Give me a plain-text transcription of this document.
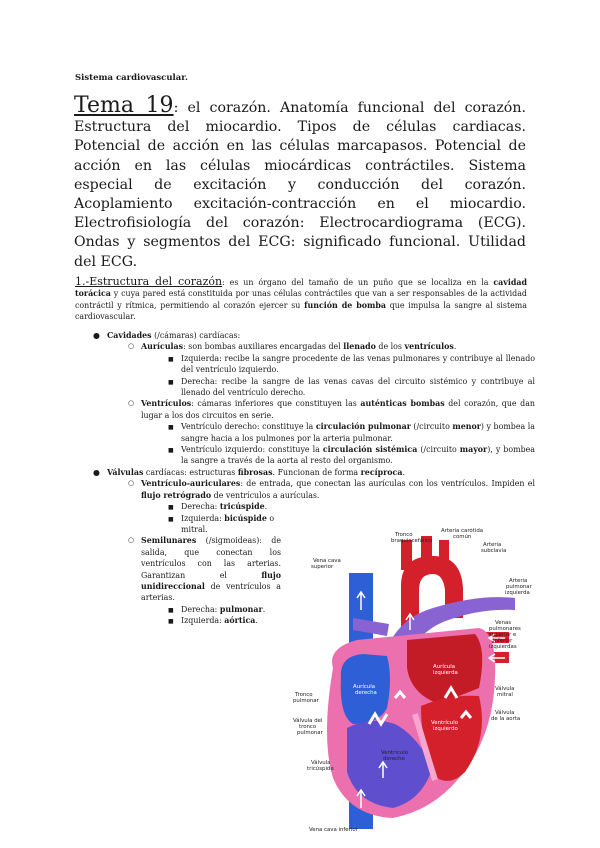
Sistema cardiovascular.
Tema 19: el corazón. Anatomía funcional del corazón. Estructura del miocardio. Tipos de células cardiacas. Potencial de acción en las células marcapasos. Potencial de acción en las células miocárdicas contráctiles. Sistema especial de excitación y conducción del corazón. Acoplamiento excitación-contracción en el miocardio. Electrofisiología del corazón: Electrocardiograma (ECG). Ondas y segmentos del ECG: significado funcional. Utilidad del ECG.
1.-Estructura del corazón: es un órgano del tamaño de un puño que se localiza en la cavidad torácica y cuya pared está constituida por unas células contráctiles que van a ser responsables de la actividad contráctil y rítmica, permitiendo al corazón ejercer su función de bomba que impulsa la sangre al sistema cardiovascular.
● Cavidades (/cámaras) cardíacas:
○ Aurículas: son bombas auxiliares encargadas del llenado de los ventrículos.
■ Izquierda: recibe la sangre procedente de las venas pulmonares y contribuye al llenado del ventrículo izquierdo.
■ Derecha: recibe la sangre de las venas cavas del circuito sistémico y contribuye al llenado del ventrículo derecho.
○ Ventrículos: cámaras inferiores que constituyen las auténticas bombas del corazón, que dan lugar a los dos circuitos en serie.
■ Ventrículo derecho: constituye la circulación pulmonar (/circuito menor) y bombea la sangre hacia a los pulmones por la arteria pulmonar.
■ Ventrículo izquierdo: constituye la circulación sistémica (/circuito mayor), y bombea la sangre a través de la aorta al resto del organismo.
● Válvulas cardíacas: estructuras fibrosas. Funcionan de forma recíproca.
○ Ventrículo-auriculares: de entrada, que conectan las aurículas con los ventrículos. Impiden el flujo retrógrado de ventrículos a aurículas.
■ Derecha: tricúspide.
■ Izquierda: bicúspide o mitral.
○ Semilunares (/sigmoideas): de salida, que conectan los ventrículos con las arterias. Garantizan el flujo unidireccional de ventrículos a arterias.
■ Derecha: pulmonar.
■ Izquierda: aórtica.
Tronco braquiocefálico
Arteria carótida común
Arteria subclavia
Vena cava superior
Aorta
Arteria pulmonar izquierda
Venas pulmonares superior e inferior izquierdas
Tronco pulmonar
Aurícula derecha
Aurícula izquierda
Válvula mitral
Válvula de la aorta
Válvula del tronco pulmonar
Ventrículo izquierdo
Válvula tricúspide
Ventrículo derecho
Vena cava inferior
